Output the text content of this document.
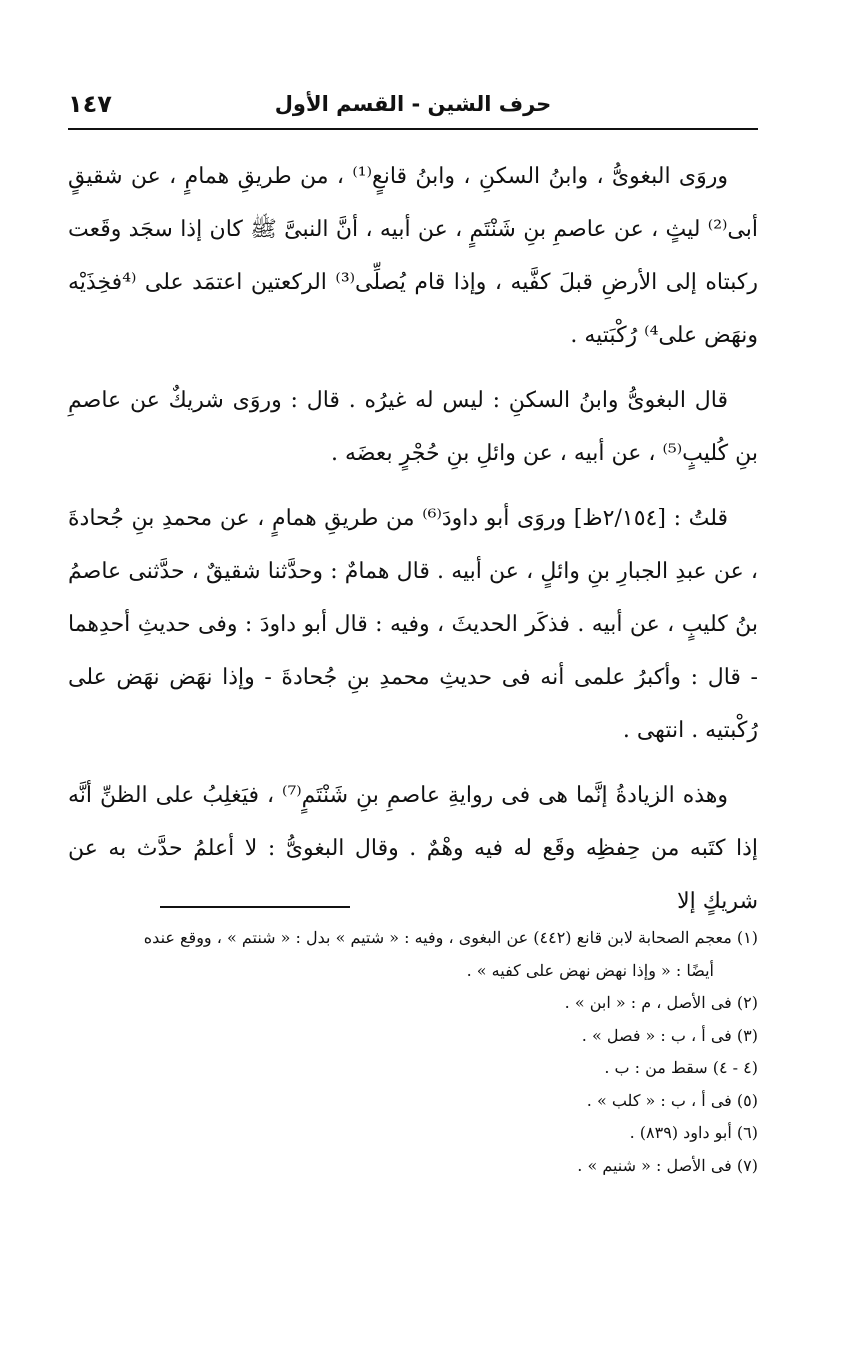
حرف الشين - القسم الأول
١٤٧

وروَى البغوىُّ ، وابنُ السكنِ ، وابنُ قانعٍ⁽¹⁾ ، من طريقِ همامٍ ، عن شقيقٍ أبى⁽²⁾ ليثٍ ، عن عاصمِ بنِ شَنْتَمٍ ، عن أبيه ، أنَّ النبىَّ ﷺ كان إذا سجَد وقَعت ركبتاه إلى الأرضِ قبلَ كفَّيه ، وإذا قام يُصلِّى⁽³⁾ الركعتين اعتمَد على ⁽⁴فخِذَيْه ونهَض على⁴⁾ رُكْبَتيه .

قال البغوىُّ وابنُ السكنِ : ليس له غيرُه . قال : وروَى شريكٌ عن عاصمِ بنِ كُليبٍ⁽⁵⁾ ، عن أبيه ، عن وائلِ بنِ حُجْرٍ بعضَه .

قلتُ : [٢/١٥٤ظ] وروَى أبو داودَ⁽⁶⁾ من طريقِ همامٍ ، عن محمدِ بنِ جُحادةَ ، عن عبدِ الجبارِ بنِ وائلٍ ، عن أبيه . قال همامٌ : وحدَّثنا شقيقٌ ، حدَّثنى عاصمُ بنُ كليبٍ ، عن أبيه . فذكَر الحديثَ ، وفيه : قال أبو داودَ : وفى حديثِ أحدِهما - قال : وأكبرُ علمى أنه فى حديثِ محمدِ بنِ جُحادةَ - وإذا نهَض نهَض على رُكْبتيه . انتهى .

وهذه الزيادةُ إنَّما هى فى روايةِ عاصمِ بنِ شَنْتَمٍ⁽⁷⁾ ، فيَغلِبُ على الظنِّ أنَّه إذا كتَبه من حِفظِه وقَع له فيه وهْمٌ . وقال البغوىُّ : لا أعلمُ حدَّث به عن شريكٍ إلا

(١) معجم الصحابة لابن قانع (٤٤٢) عن البغوى ، وفيه : « شتيم » بدل : « شنتم » ، ووقع عنده

أيضًا : « وإذا نهض نهض على كفيه » .

(٢) فى الأصل ، م : « ابن » .

(٣) فى أ ، ب : « فصل » .

(٤ - ٤) سقط من : ب .

(٥) فى أ ، ب : « كلب » .

(٦) أبو داود (٨٣٩) .

(٧) فى الأصل : « شنيم » .
